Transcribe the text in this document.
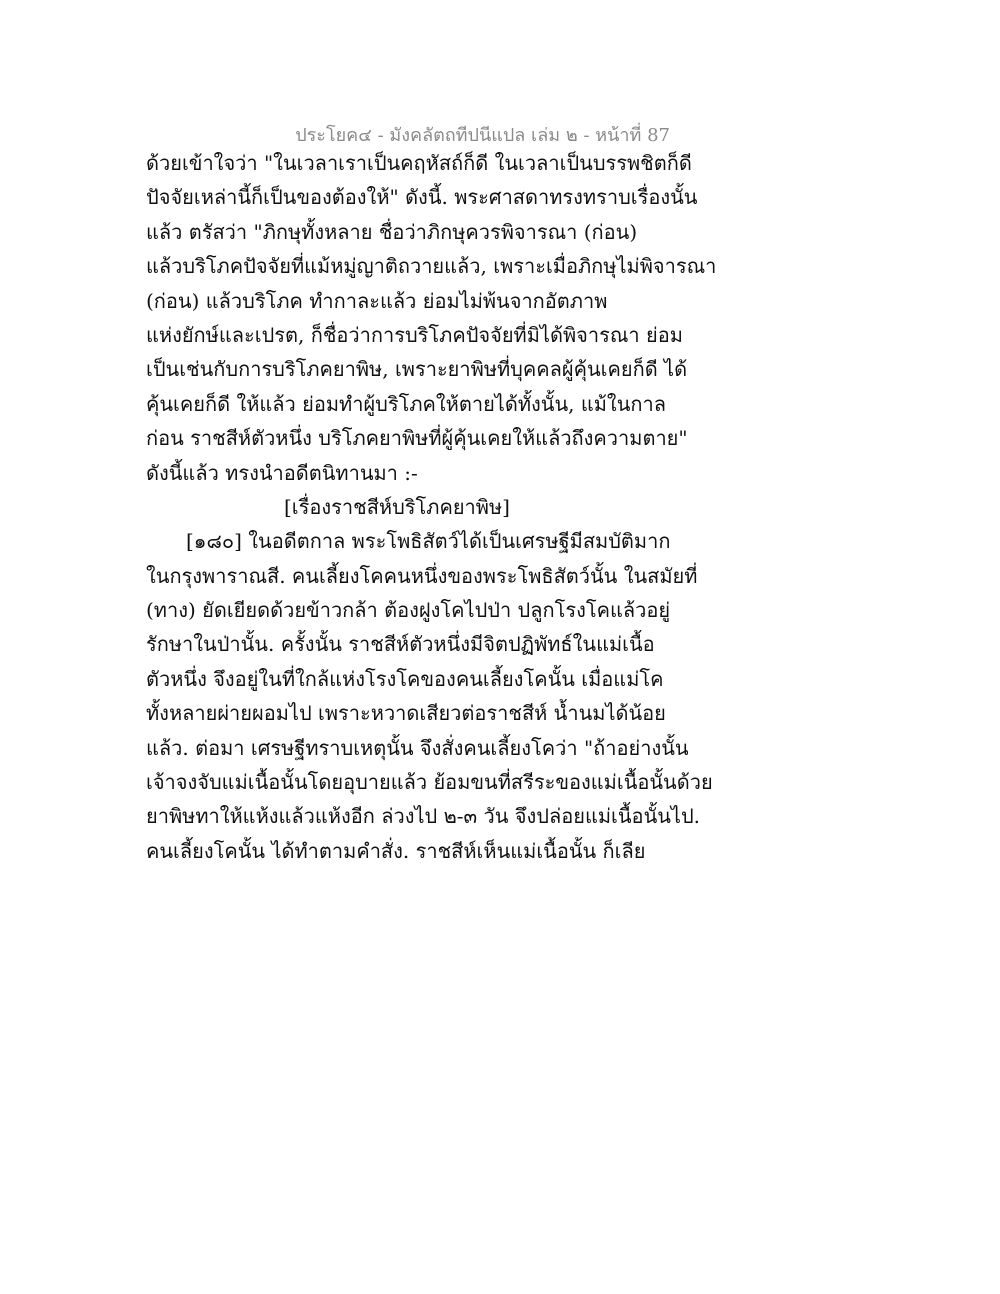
ประโยค๔ - มังคลัตถทีปนีแปล เล่ม ๒ - หน้าที่ 87
ด้วยเข้าใจว่า "ในเวลาเราเป็นคฤหัสถ์ก็ดี ในเวลาเป็นบรรพชิตก็ดี
ปัจจัยเหล่านี้ก็เป็นของต้องให้" ดังนี้. พระศาสดาทรงทราบเรื่องนั้น
แล้ว ตรัสว่า "ภิกษุทั้งหลาย ชื่อว่าภิกษุควรพิจารณา (ก่อน)
แล้วบริโภคปัจจัยที่แม้หมู่ญาติถวายแล้ว, เพราะเมื่อภิกษุไม่พิจารณา
(ก่อน) แล้วบริโภค ทำกาละแล้ว ย่อมไม่พ้นจากอัตภาพ
แห่งยักษ์และเปรต, ก็ชื่อว่าการบริโภคปัจจัยที่มิได้พิจารณา ย่อม
เป็นเช่นกับการบริโภคยาพิษ, เพราะยาพิษที่บุคคลผู้คุ้นเคยก็ดี ได้
คุ้นเคยก็ดี ให้แล้ว ย่อมทำผู้บริโภคให้ตายได้ทั้งนั้น, แม้ในกาล
ก่อน ราชสีห์ตัวหนึ่ง บริโภคยาพิษที่ผู้คุ้นเคยให้แล้วถึงความตาย"
ดังนี้แล้ว ทรงนำอดีตนิทานมา :-
[เรื่องราชสีห์บริโภคยาพิษ]
[๑๘๐] ในอดีตกาล พระโพธิสัตว์ได้เป็นเศรษฐีมีสมบัติมาก
ในกรุงพาราณสี. คนเลี้ยงโคคนหนึ่งของพระโพธิสัตว์นั้น ในสมัยที่
(ทาง) ยัดเยียดด้วยข้าวกล้า ต้องฝูงโคไปป่า ปลูกโรงโคแล้วอยู่
รักษาในป่านั้น. ครั้งนั้น ราชสีห์ตัวหนึ่งมีจิตปฏิพัทธ์ในแม่เนื้อ
ตัวหนึ่ง จึงอยู่ในที่ใกล้แห่งโรงโคของคนเลี้ยงโคนั้น เมื่อแม่โค
ทั้งหลายผ่ายผอมไป เพราะหวาดเสียวต่อราชสีห์ น้ำนมได้น้อย
แล้ว. ต่อมา เศรษฐีทราบเหตุนั้น จึงสั่งคนเลี้ยงโคว่า "ถ้าอย่างนั้น
เจ้าจงจับแม่เนื้อนั้นโดยอุบายแล้ว ย้อมขนที่สรีระของแม่เนื้อนั้นด้วย
ยาพิษทาให้แห้งแล้วแห้งอีก ล่วงไป ๒-๓ วัน จึงปล่อยแม่เนื้อนั้นไป.
คนเลี้ยงโคนั้น ได้ทำตามคำสั่ง. ราชสีห์เห็นแม่เนื้อนั้น ก็เลีย
